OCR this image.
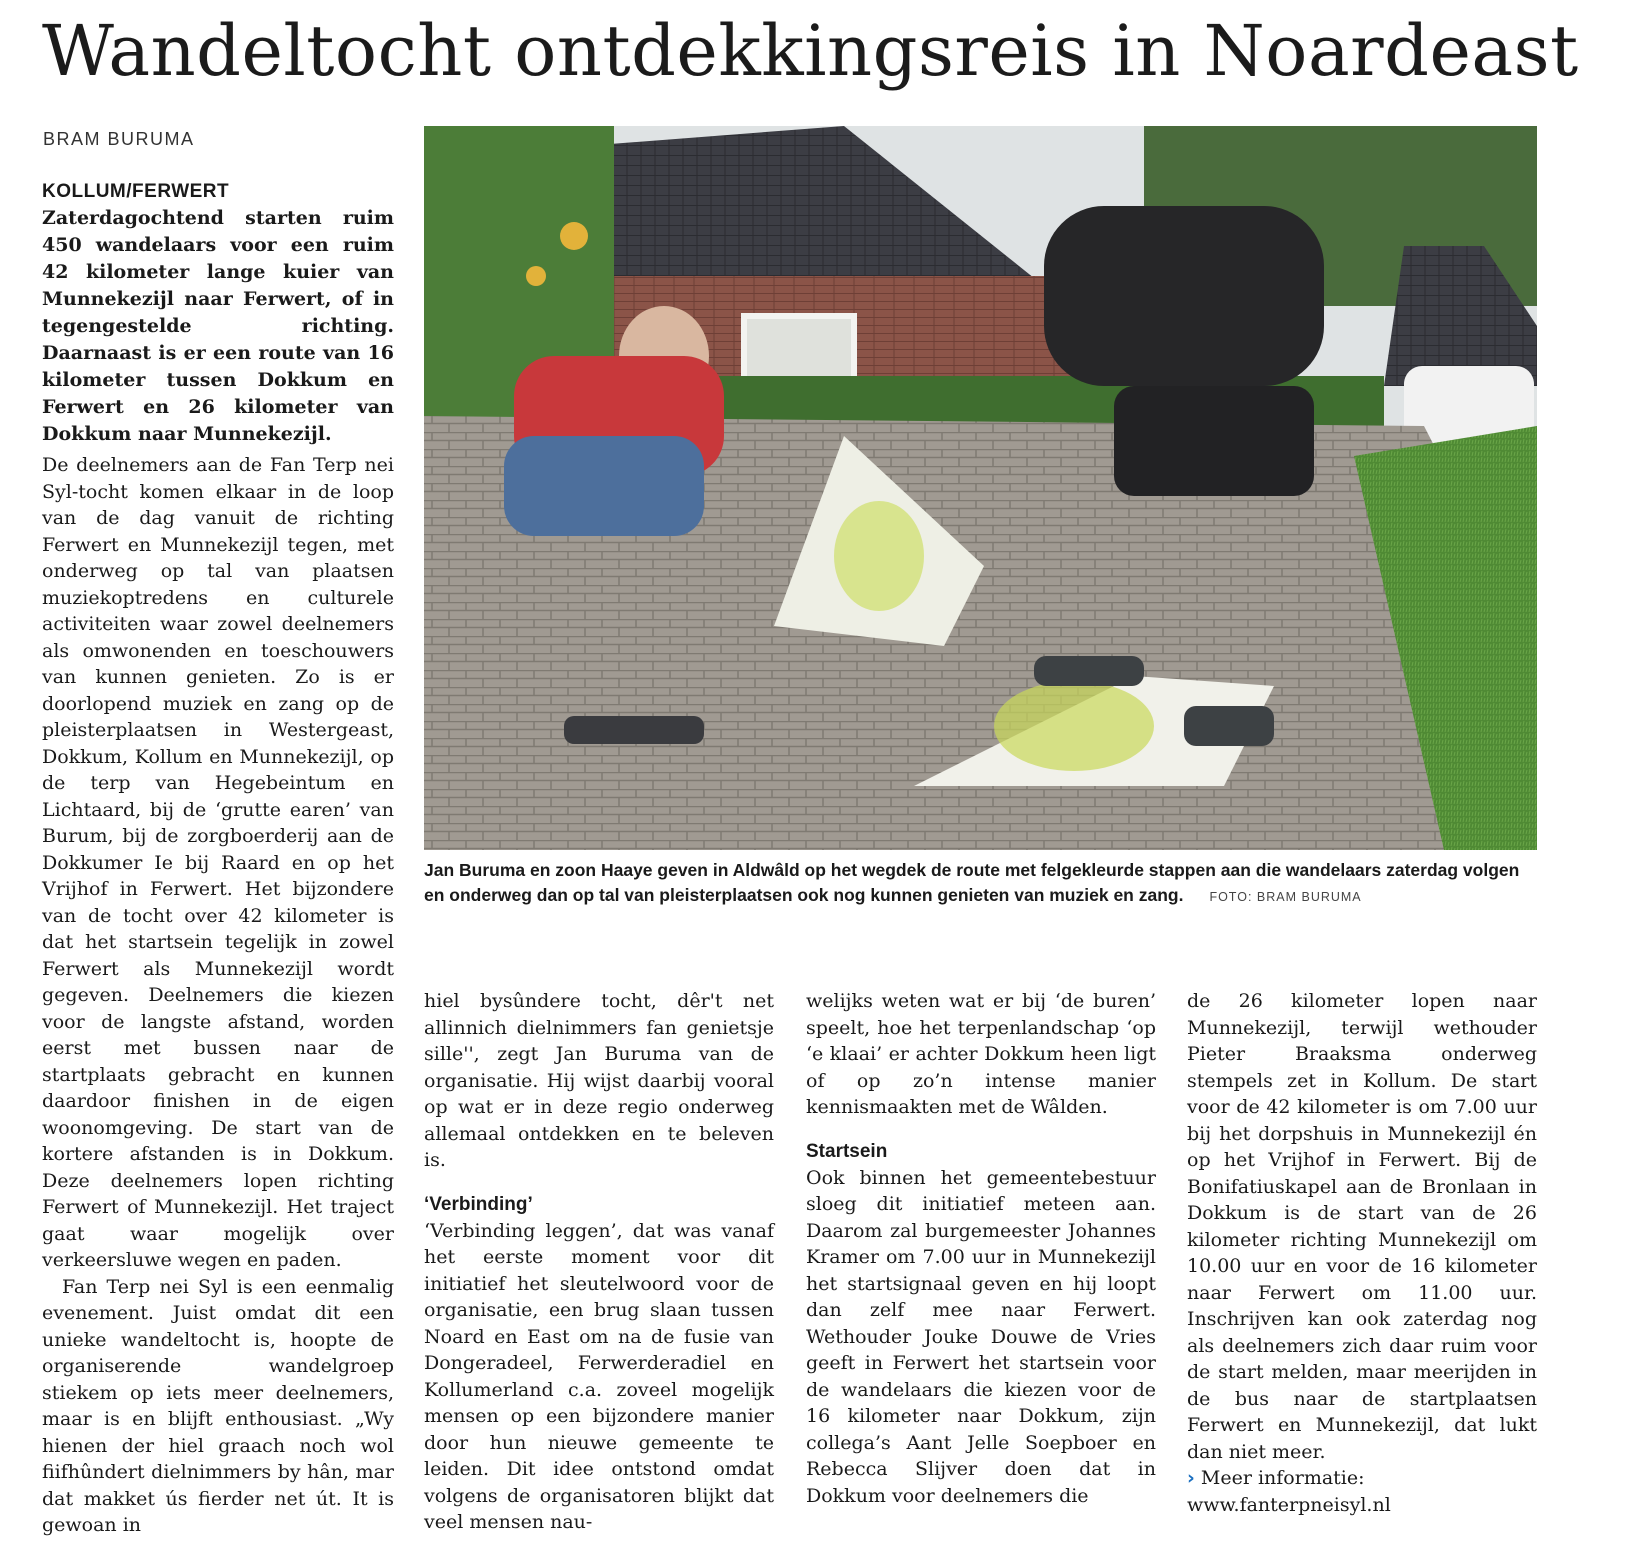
Wandeltocht ontdekkingsreis in Noardeast
BRAM BURUMA

KOLLUM/FERWERT Zaterdagochtend starten ruim 450 wandelaars voor een ruim 42 kilometer lange kuier van Munnekezijl naar Ferwert, of in tegengestelde richting. Daarnaast is er een route van 16 kilometer tussen Dokkum en Ferwert en 26 kilometer van Dokkum naar Munnekezijl.

De deelnemers aan de Fan Terp nei Syl-tocht komen elkaar in de loop van de dag vanuit de richting Ferwert en Munnekezijl tegen, met onderweg op tal van plaatsen muziekoptredens en culturele activiteiten waar zowel deelnemers als omwonenden en toeschouwers van kunnen genieten. Zo is er doorlopend muziek en zang op de pleisterplaatsen in Westergeast, Dokkum, Kollum en Munnekezijl, op de terp van Hegebeintum en Lichtaard, bij de ‘grutte earen’ van Burum, bij de zorgboerderij aan de Dokkumer Ie bij Raard en op het Vrijhof in Ferwert. Het bijzondere van de tocht over 42 kilometer is dat het startsein tegelijk in zowel Ferwert als Munnekezijl wordt gegeven. Deelnemers die kiezen voor de langste afstand, worden eerst met bussen naar de startplaats gebracht en kunnen daardoor finishen in de eigen woonomgeving. De start van de kortere afstanden is in Dokkum. Deze deelnemers lopen richting Ferwert of Munnekezijl. Het traject gaat waar mogelijk over verkeersluwe wegen en paden.

Fan Terp nei Syl is een eenmalig evenement. Juist omdat dit een unieke wandeltocht is, hoopte de organiserende wandelgroep stiekem op iets meer deelnemers, maar is en blijft enthousiast. „Wy hienen der hiel graach noch wol fiifhûndert dielnimmers by hân, mar dat makket ús fierder net út. It is gewoan in

Jan Buruma en zoon Haaye geven in Aldwâld op het wegdek de route met felgekleurde stappen aan die wandelaars zaterdag volgen en onderweg dan op tal van pleisterplaatsen ook nog kunnen genieten van muziek en zang. FOTO: BRAM BURUMA

hiel bysûndere tocht, dêr't net allinnich dielnimmers fan genietsje sille'', zegt Jan Buruma van de organisatie. Hij wijst daarbij vooral op wat er in deze regio onderweg allemaal ontdekken en te beleven is.

‘Verbinding’

‘Verbinding leggen’, dat was vanaf het eerste moment voor dit initiatief het sleutelwoord voor de organisatie, een brug slaan tussen Noard en East om na de fusie van Dongeradeel, Ferwerderadiel en Kollumerland c.a. zoveel mogelijk mensen op een bijzondere manier door hun nieuwe gemeente te leiden. Dit idee ontstond omdat volgens de organisatoren blijkt dat veel mensen nau-

welijks weten wat er bij ‘de buren’ speelt, hoe het terpenlandschap ‘op ‘e klaai’ er achter Dokkum heen ligt of op zo’n intense manier kennismaakten met de Wâlden.

Startsein

Ook binnen het gemeentebestuur sloeg dit initiatief meteen aan. Daarom zal burgemeester Johannes Kramer om 7.00 uur in Munnekezijl het startsignaal geven en hij loopt dan zelf mee naar Ferwert. Wethouder Jouke Douwe de Vries geeft in Ferwert het startsein voor de wandelaars die kiezen voor de 16 kilometer naar Dokkum, zijn collega’s Aant Jelle Soepboer en Rebecca Slijver doen dat in Dokkum voor deelnemers die

de 26 kilometer lopen naar Munnekezijl, terwijl wethouder Pieter Braaksma onderweg stempels zet in Kollum. De start voor de 42 kilometer is om 7.00 uur bij het dorpshuis in Munnekezijl én op het Vrijhof in Ferwert. Bij de Bonifatiuskapel aan de Bronlaan in Dokkum is de start van de 26 kilometer richting Munnekezijl om 10.00 uur en voor de 16 kilometer naar Ferwert om 11.00 uur. Inschrijven kan ook zaterdag nog als deelnemers zich daar ruim voor de start melden, maar meerijden in de bus naar de startplaatsen Ferwert en Munnekezijl, dat lukt dan niet meer.

› Meer informatie:
www.fanterpneisyl.nl
